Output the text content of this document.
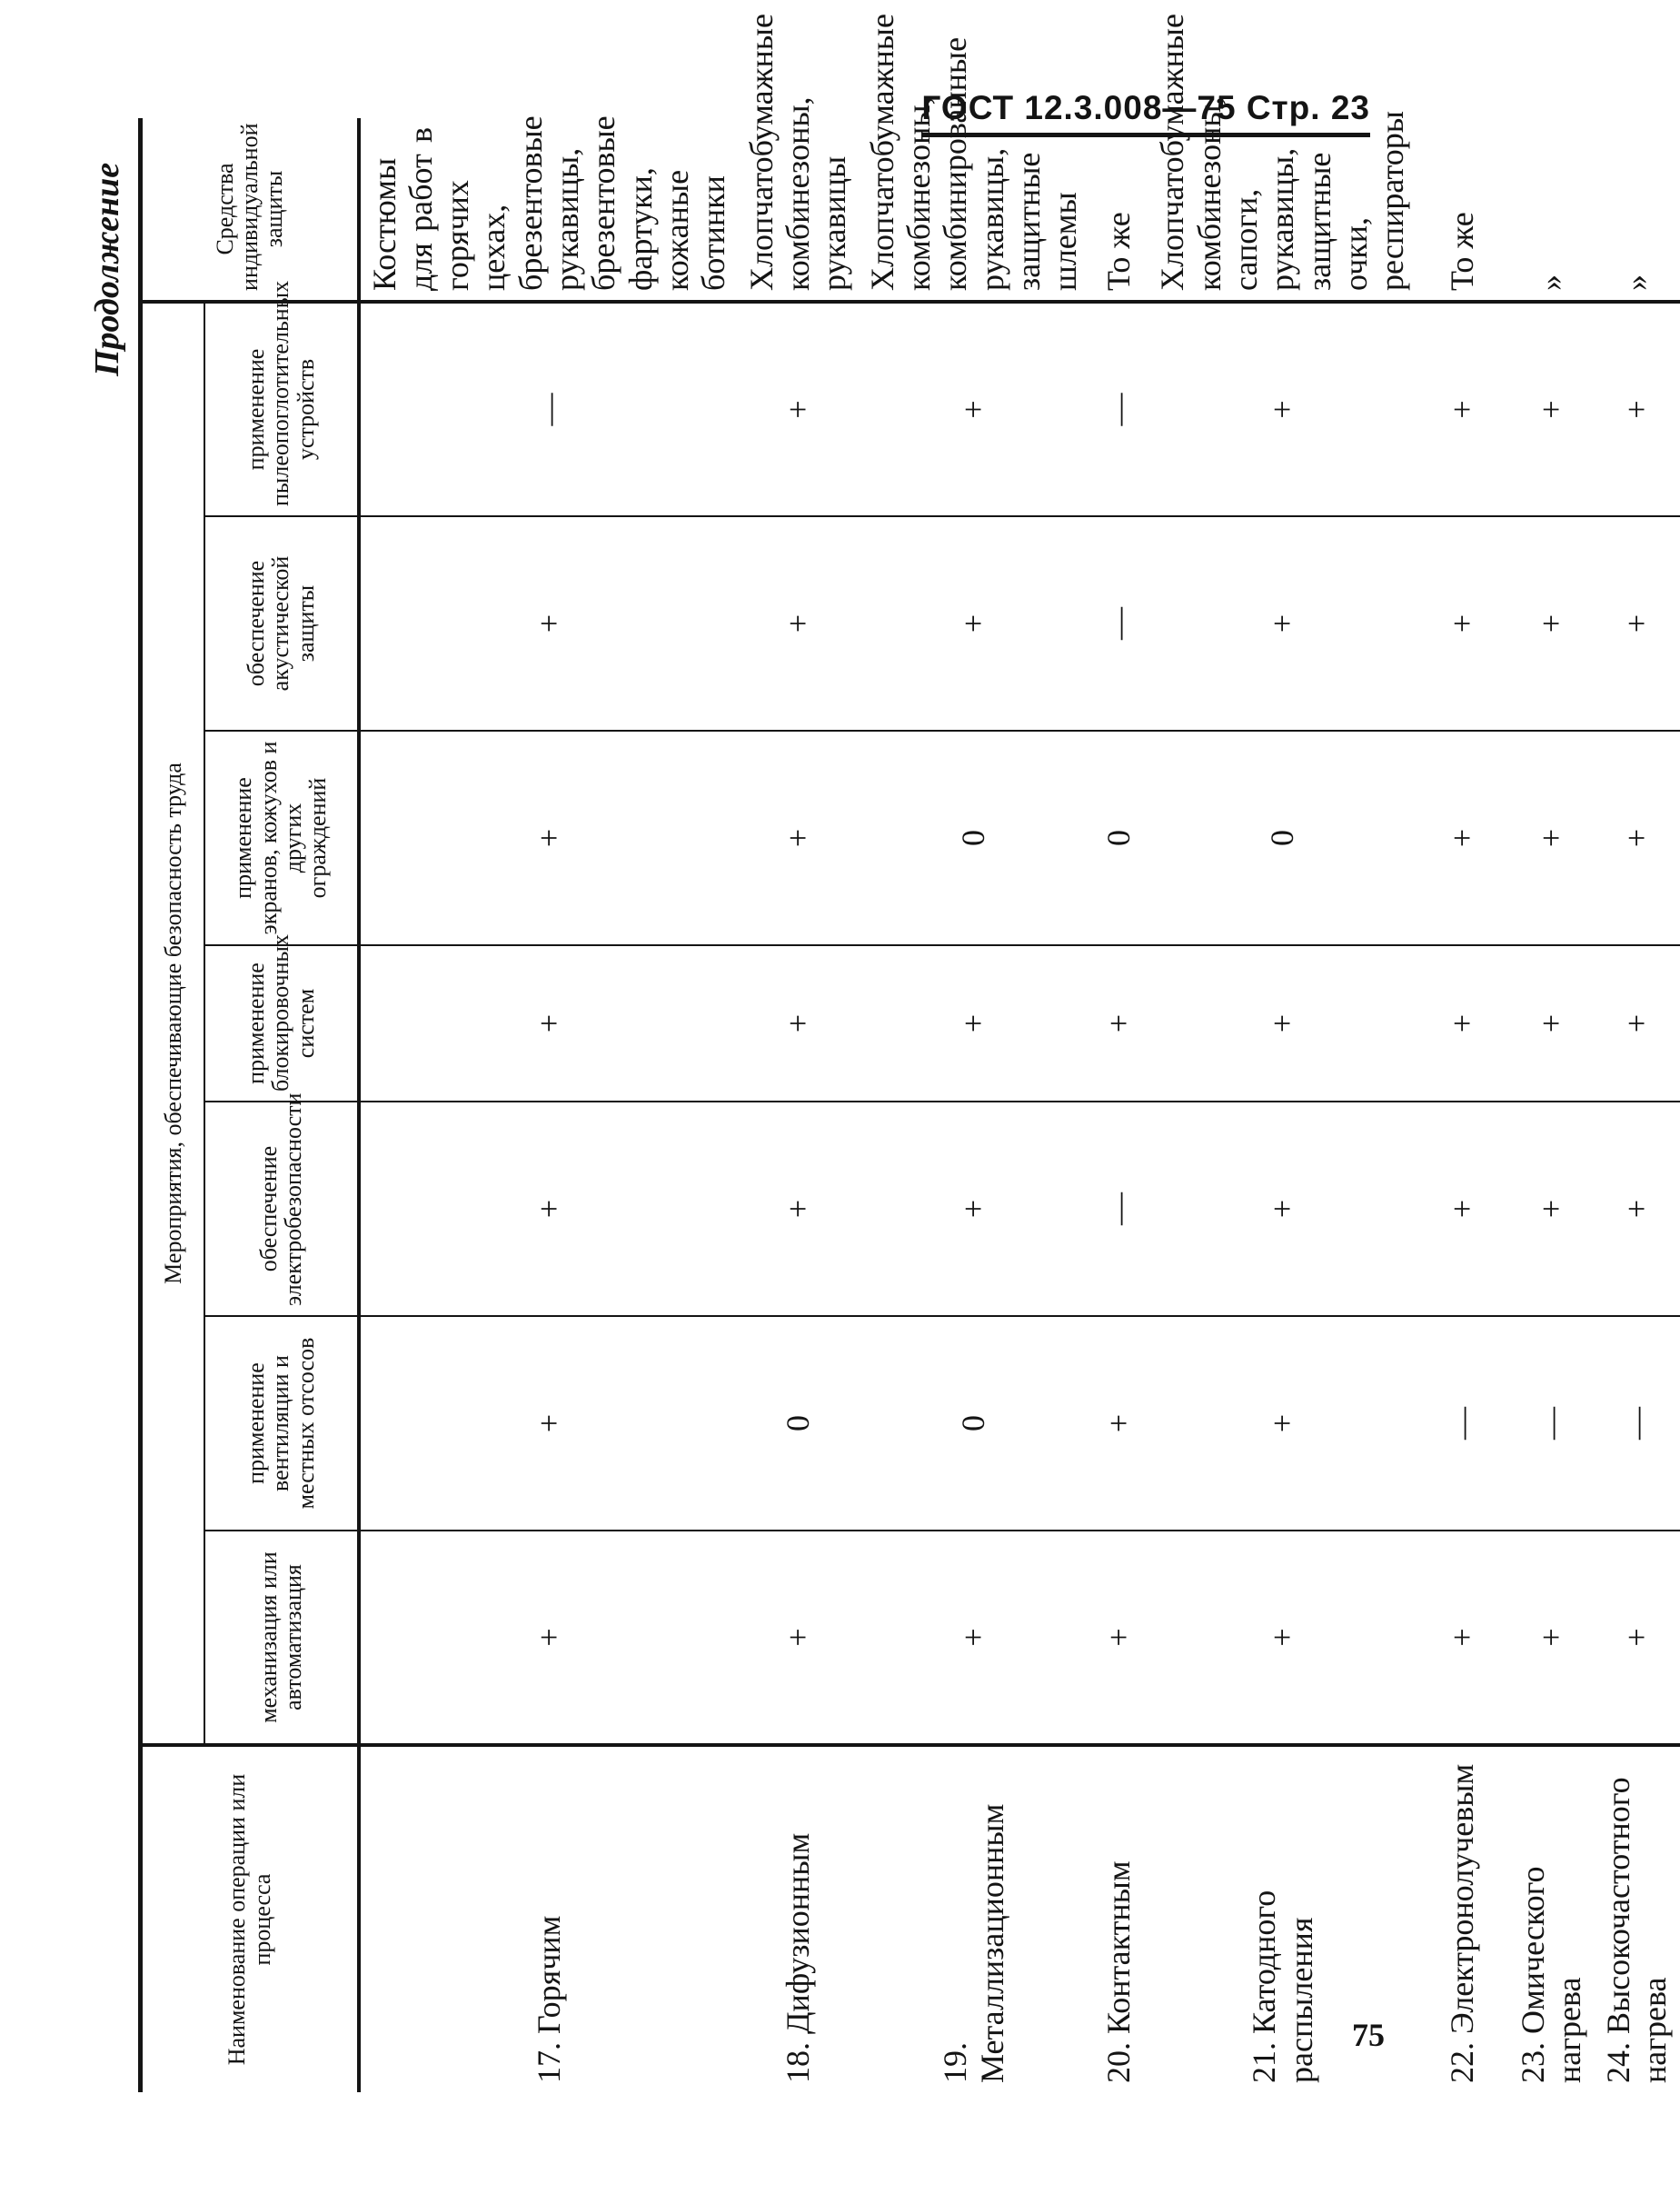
ГОСТ 12.3.008—75 Стр. 23
Продолжение
Наименование операции или процесса	Мероприятия, обеспечивающие безопасность труда							Средства индивидуальной защиты
	механизация или автоматизация	применение вентиляции и местных отсосов	обеспечение электробезопасности	применение блокировочных систем	применение экранов, кожухов и других ограждений	обеспечение акустической защиты	применение пылеопоглотительных устройств	
17. Горячим	+	+	+	+	+	+	—	Костюмы для работ в горячих цехах, брезентовые рукавицы, брезентовые фартуки, кожаные ботинки
18. Дифузионным	+	0	+	+	+	+	+	Хлопчатобумажные комбинезоны, рукавицы
19. Металлизационным	+	0	+	+	0	+	+	Хлопчатобумажные комбинезоны, комбинированные рукавицы, защитные шлемы
20. Контактным	+	+	—	+	0	—	—	То же
21. Катодного распыления	+	+	+	+	0	+	+	Хлопчатобумажные комбинезоны, сапоги, рукавицы, защитные очки, респираторы
22. Электронолучевым	+	—	+	+	+	+	+	То же
23. Омического нагрева	+	—	+	+	+	+	+	»
24. Высокочастотного нагрева	+	—	+	+	+	+	+	»
75
